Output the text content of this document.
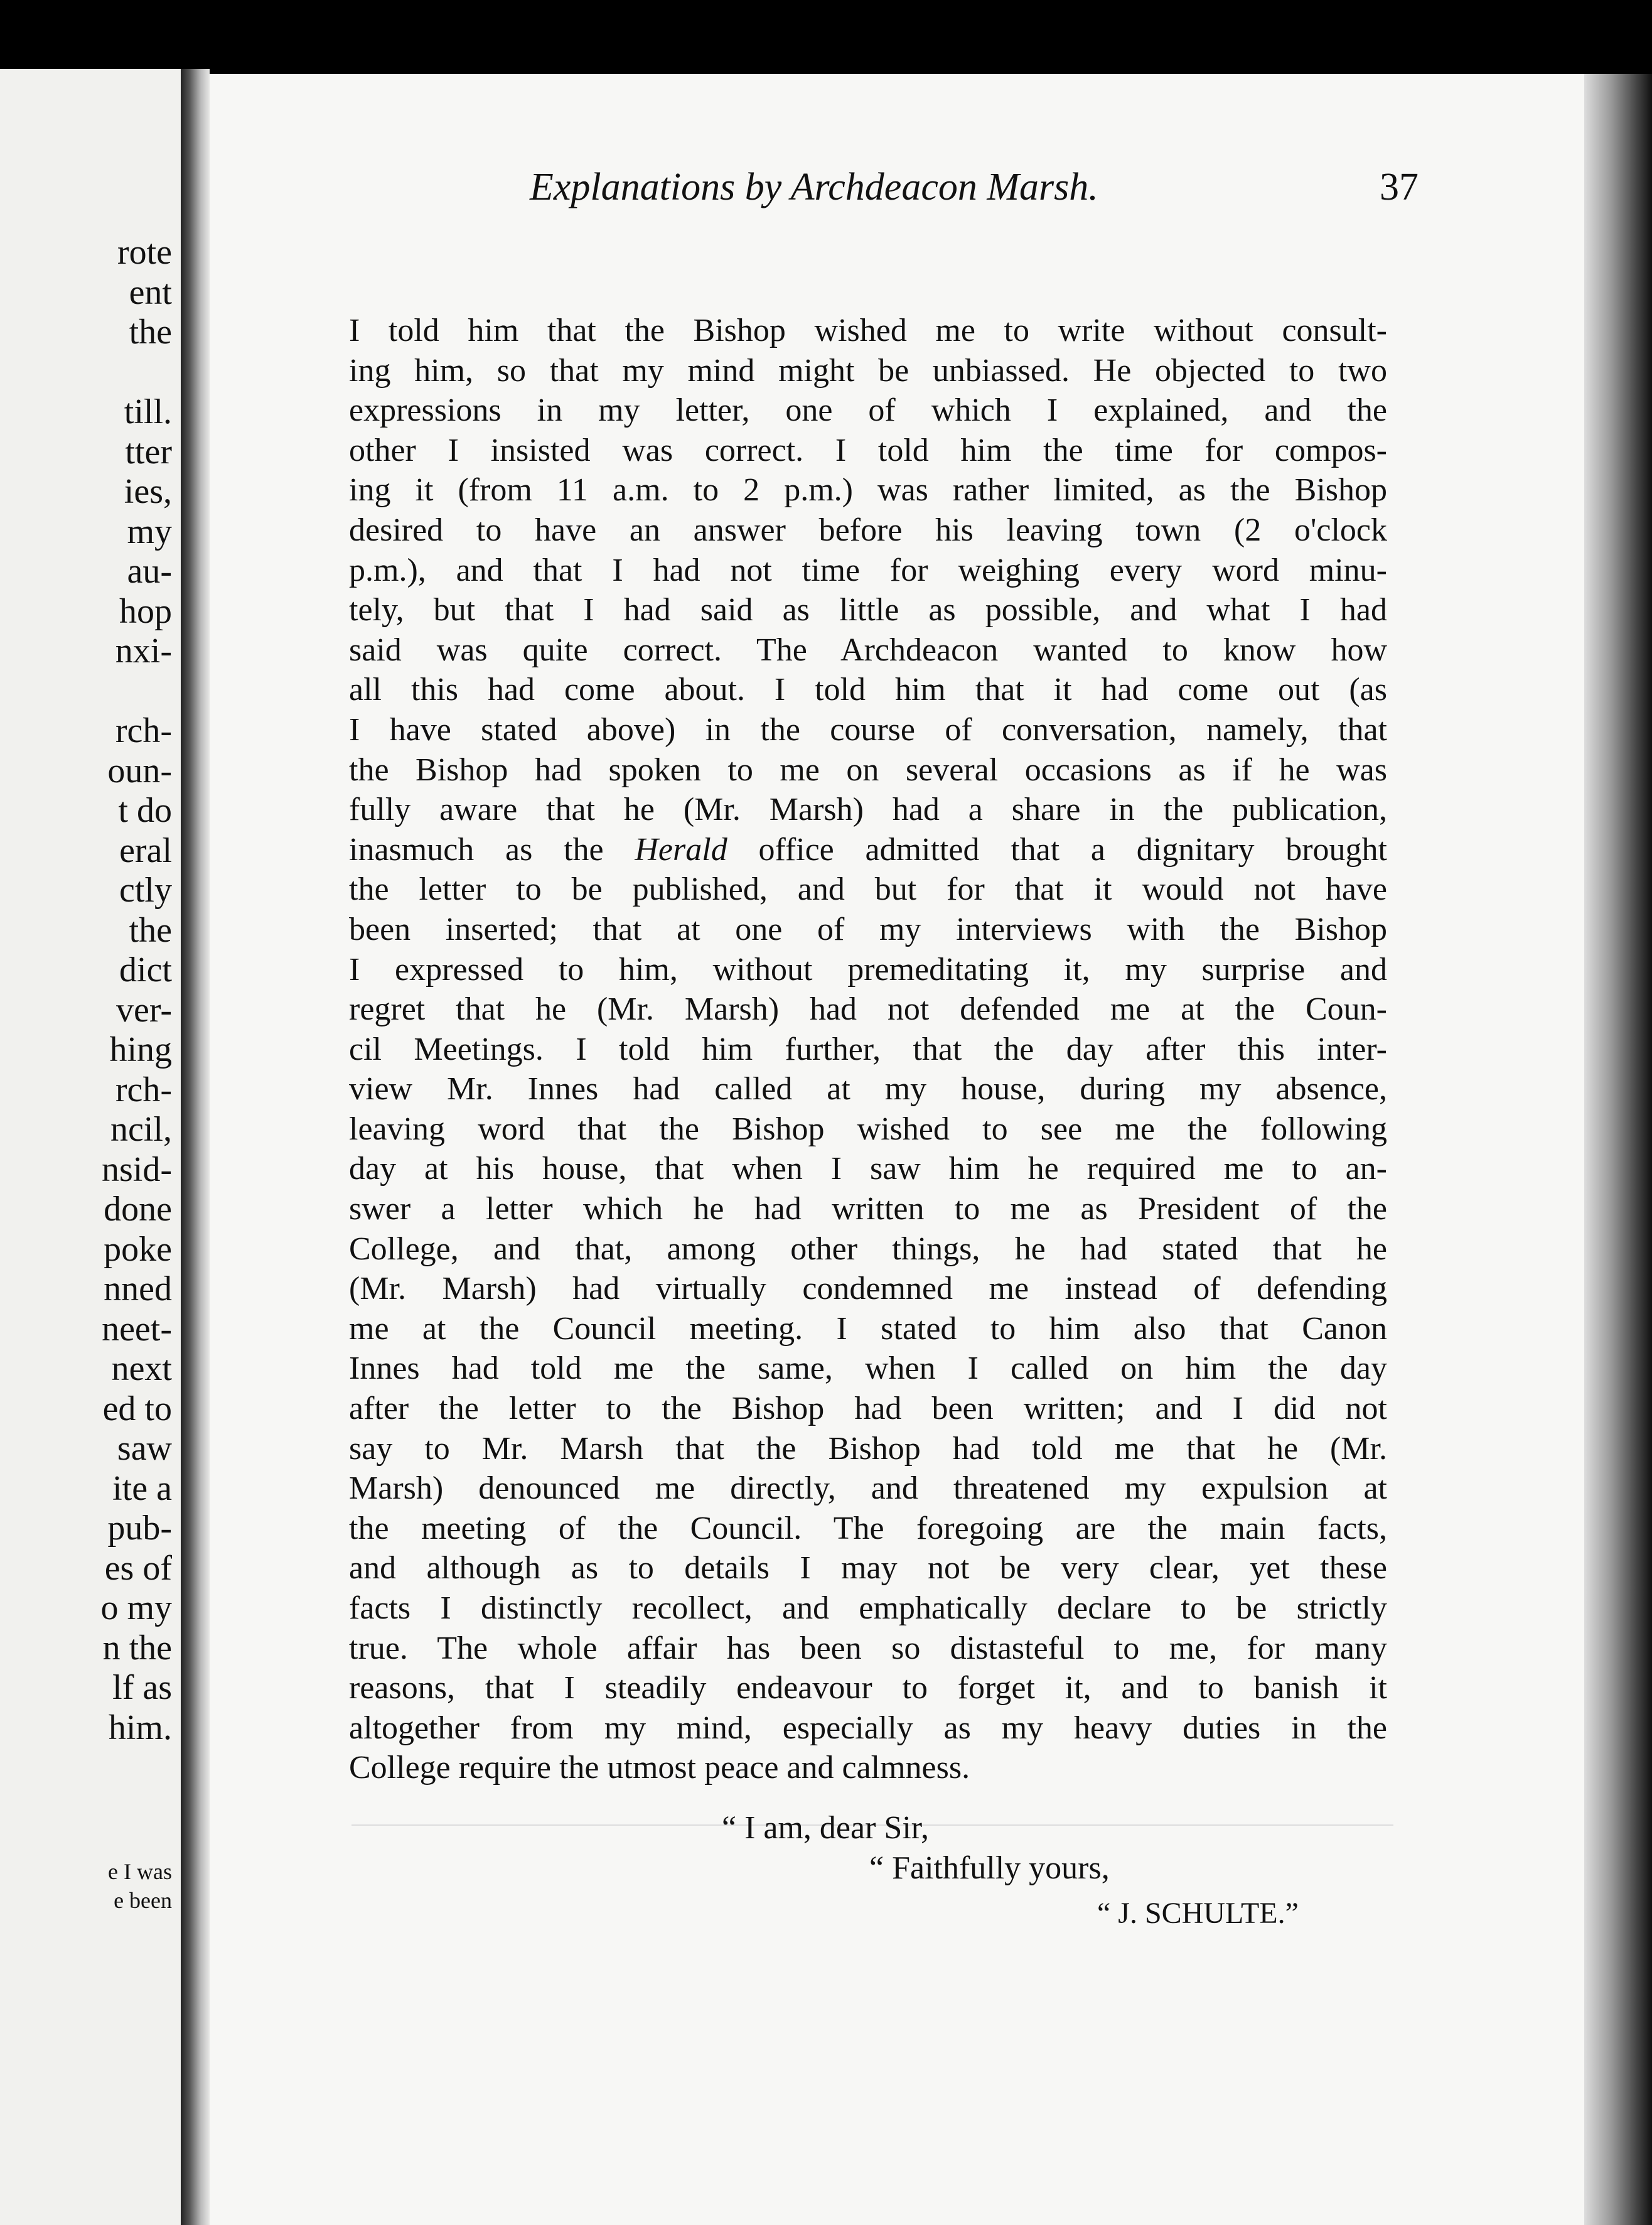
rote
ent
the
till.
tter
ies,
my
au-
hop
nxi-
rch-
oun-
t do
eral
ctly
the
dict
ver-
hing
rch-
ncil,
nsid-
done
poke
nned
neet-
next
ed to
saw
ite a
pub-
es of
o my
n the
lf as
him.
e I was
e been
Explanations by Archdeacon Marsh.	37
I told him that the Bishop wished me to write without consult-
ing him, so that my mind might be unbiassed. He objected to two
expressions in my letter, one of which I explained, and the
other I insisted was correct. I told him the time for compos-
ing it (from 11 a.m. to 2 p.m.) was rather limited, as the Bishop
desired to have an answer before his leaving town (2 o'clock
p.m.), and that I had not time for weighing every word minu-
tely, but that I had said as little as possible, and what I had
said was quite correct. The Archdeacon wanted to know how
all this had come about. I told him that it had come out (as
I have stated above) in the course of conversation, namely, that
the Bishop had spoken to me on several occasions as if he was
fully aware that he (Mr. Marsh) had a share in the publication,
inasmuch as the Herald office admitted that a dignitary brought
the letter to be published, and but for that it would not have
been inserted; that at one of my interviews with the Bishop
I expressed to him, without premeditating it, my surprise and
regret that he (Mr. Marsh) had not defended me at the Coun-
cil Meetings. I told him further, that the day after this inter-
view Mr. Innes had called at my house, during my absence,
leaving word that the Bishop wished to see me the following
day at his house, that when I saw him he required me to an-
swer a letter which he had written to me as President of the
College, and that, among other things, he had stated that he
(Mr. Marsh) had virtually condemned me instead of defending
me at the Council meeting. I stated to him also that Canon
Innes had told me the same, when I called on him the day
after the letter to the Bishop had been written; and I did not
say to Mr. Marsh that the Bishop had told me that he (Mr.
Marsh) denounced me directly, and threatened my expulsion at
the meeting of the Council. The foregoing are the main facts,
and although as to details I may not be very clear, yet these
facts I distinctly recollect, and emphatically declare to be strictly
true. The whole affair has been so distasteful to me, for many
reasons, that I steadily endeavour to forget it, and to banish it
altogether from my mind, especially as my heavy duties in the
College require the utmost peace and calmness.
“ I am, dear Sir,
“ Faithfully yours,
“ J. SCHULTE.”
